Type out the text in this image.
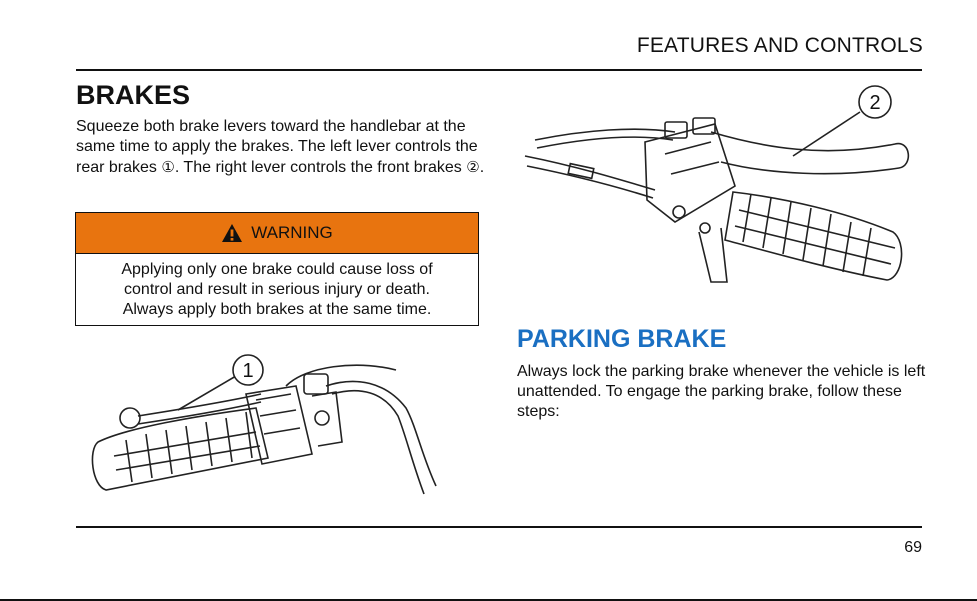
FEATURES AND CONTROLS
BRAKES

Squeeze both brake levers toward the handlebar at the same time to apply the brakes. The left lever controls the rear brakes ①. The right lever controls the front brakes ②.

WARNING
Applying only one brake could cause loss of
control and result in serious injury or death.
Always apply both brakes at the same time.
1
2
PARKING BRAKE

Always lock the parking brake whenever the vehicle is left unattended. To engage the parking brake, follow these steps:

69
